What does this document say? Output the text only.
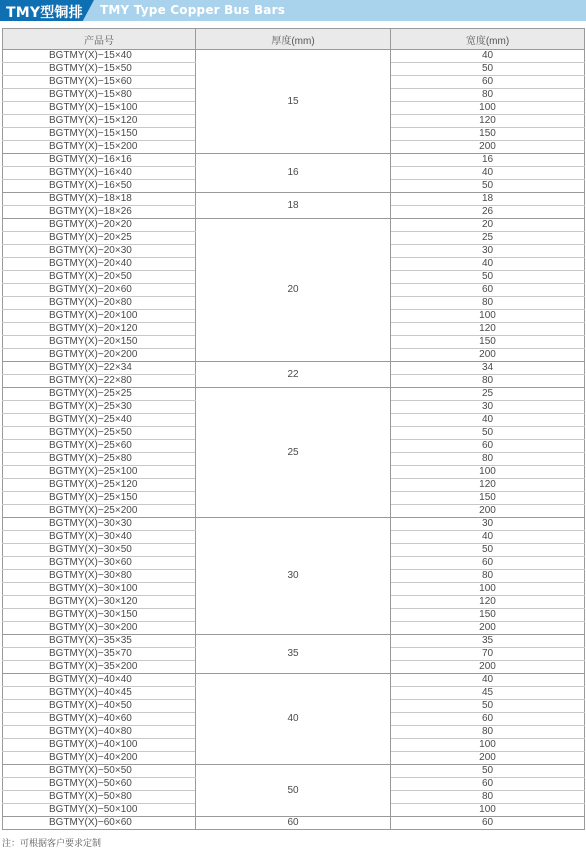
TMY型铜排 TMY Type Copper Bus Bars
产品号	厚度(mm)	宽度(mm)
BGTMY(X)−15×40	15	40
BGTMY(X)−15×50		50
BGTMY(X)−15×60		60
BGTMY(X)−15×80		80
BGTMY(X)−15×100		100
BGTMY(X)−15×120		120
BGTMY(X)−15×150		150
BGTMY(X)−15×200		200
BGTMY(X)−16×16	16	16
BGTMY(X)−16×40		40
BGTMY(X)−16×50		50
BGTMY(X)−18×18	18	18
BGTMY(X)−18×26		26
BGTMY(X)−20×20	20	20
BGTMY(X)−20×25		25
BGTMY(X)−20×30		30
BGTMY(X)−20×40		40
BGTMY(X)−20×50		50
BGTMY(X)−20×60		60
BGTMY(X)−20×80		80
BGTMY(X)−20×100		100
BGTMY(X)−20×120		120
BGTMY(X)−20×150		150
BGTMY(X)−20×200		200
BGTMY(X)−22×34	22	34
BGTMY(X)−22×80		80
BGTMY(X)−25×25	25	25
BGTMY(X)−25×30		30
BGTMY(X)−25×40		40
BGTMY(X)−25×50		50
BGTMY(X)−25×60		60
BGTMY(X)−25×80		80
BGTMY(X)−25×100		100
BGTMY(X)−25×120		120
BGTMY(X)−25×150		150
BGTMY(X)−25×200		200
BGTMY(X)−30×30	30	30
BGTMY(X)−30×40		40
BGTMY(X)−30×50		50
BGTMY(X)−30×60		60
BGTMY(X)−30×80		80
BGTMY(X)−30×100		100
BGTMY(X)−30×120		120
BGTMY(X)−30×150		150
BGTMY(X)−30×200		200
BGTMY(X)−35×35	35	35
BGTMY(X)−35×70		70
BGTMY(X)−35×200		200
BGTMY(X)−40×40	40	40
BGTMY(X)−40×45		45
BGTMY(X)−40×50		50
BGTMY(X)−40×60		60
BGTMY(X)−40×80		80
BGTMY(X)−40×100		100
BGTMY(X)−40×200		200
BGTMY(X)−50×50	50	50
BGTMY(X)−50×60		60
BGTMY(X)−50×80		80
BGTMY(X)−50×100		100
BGTMY(X)−60×60	60	60
注：可根据客户要求定制
